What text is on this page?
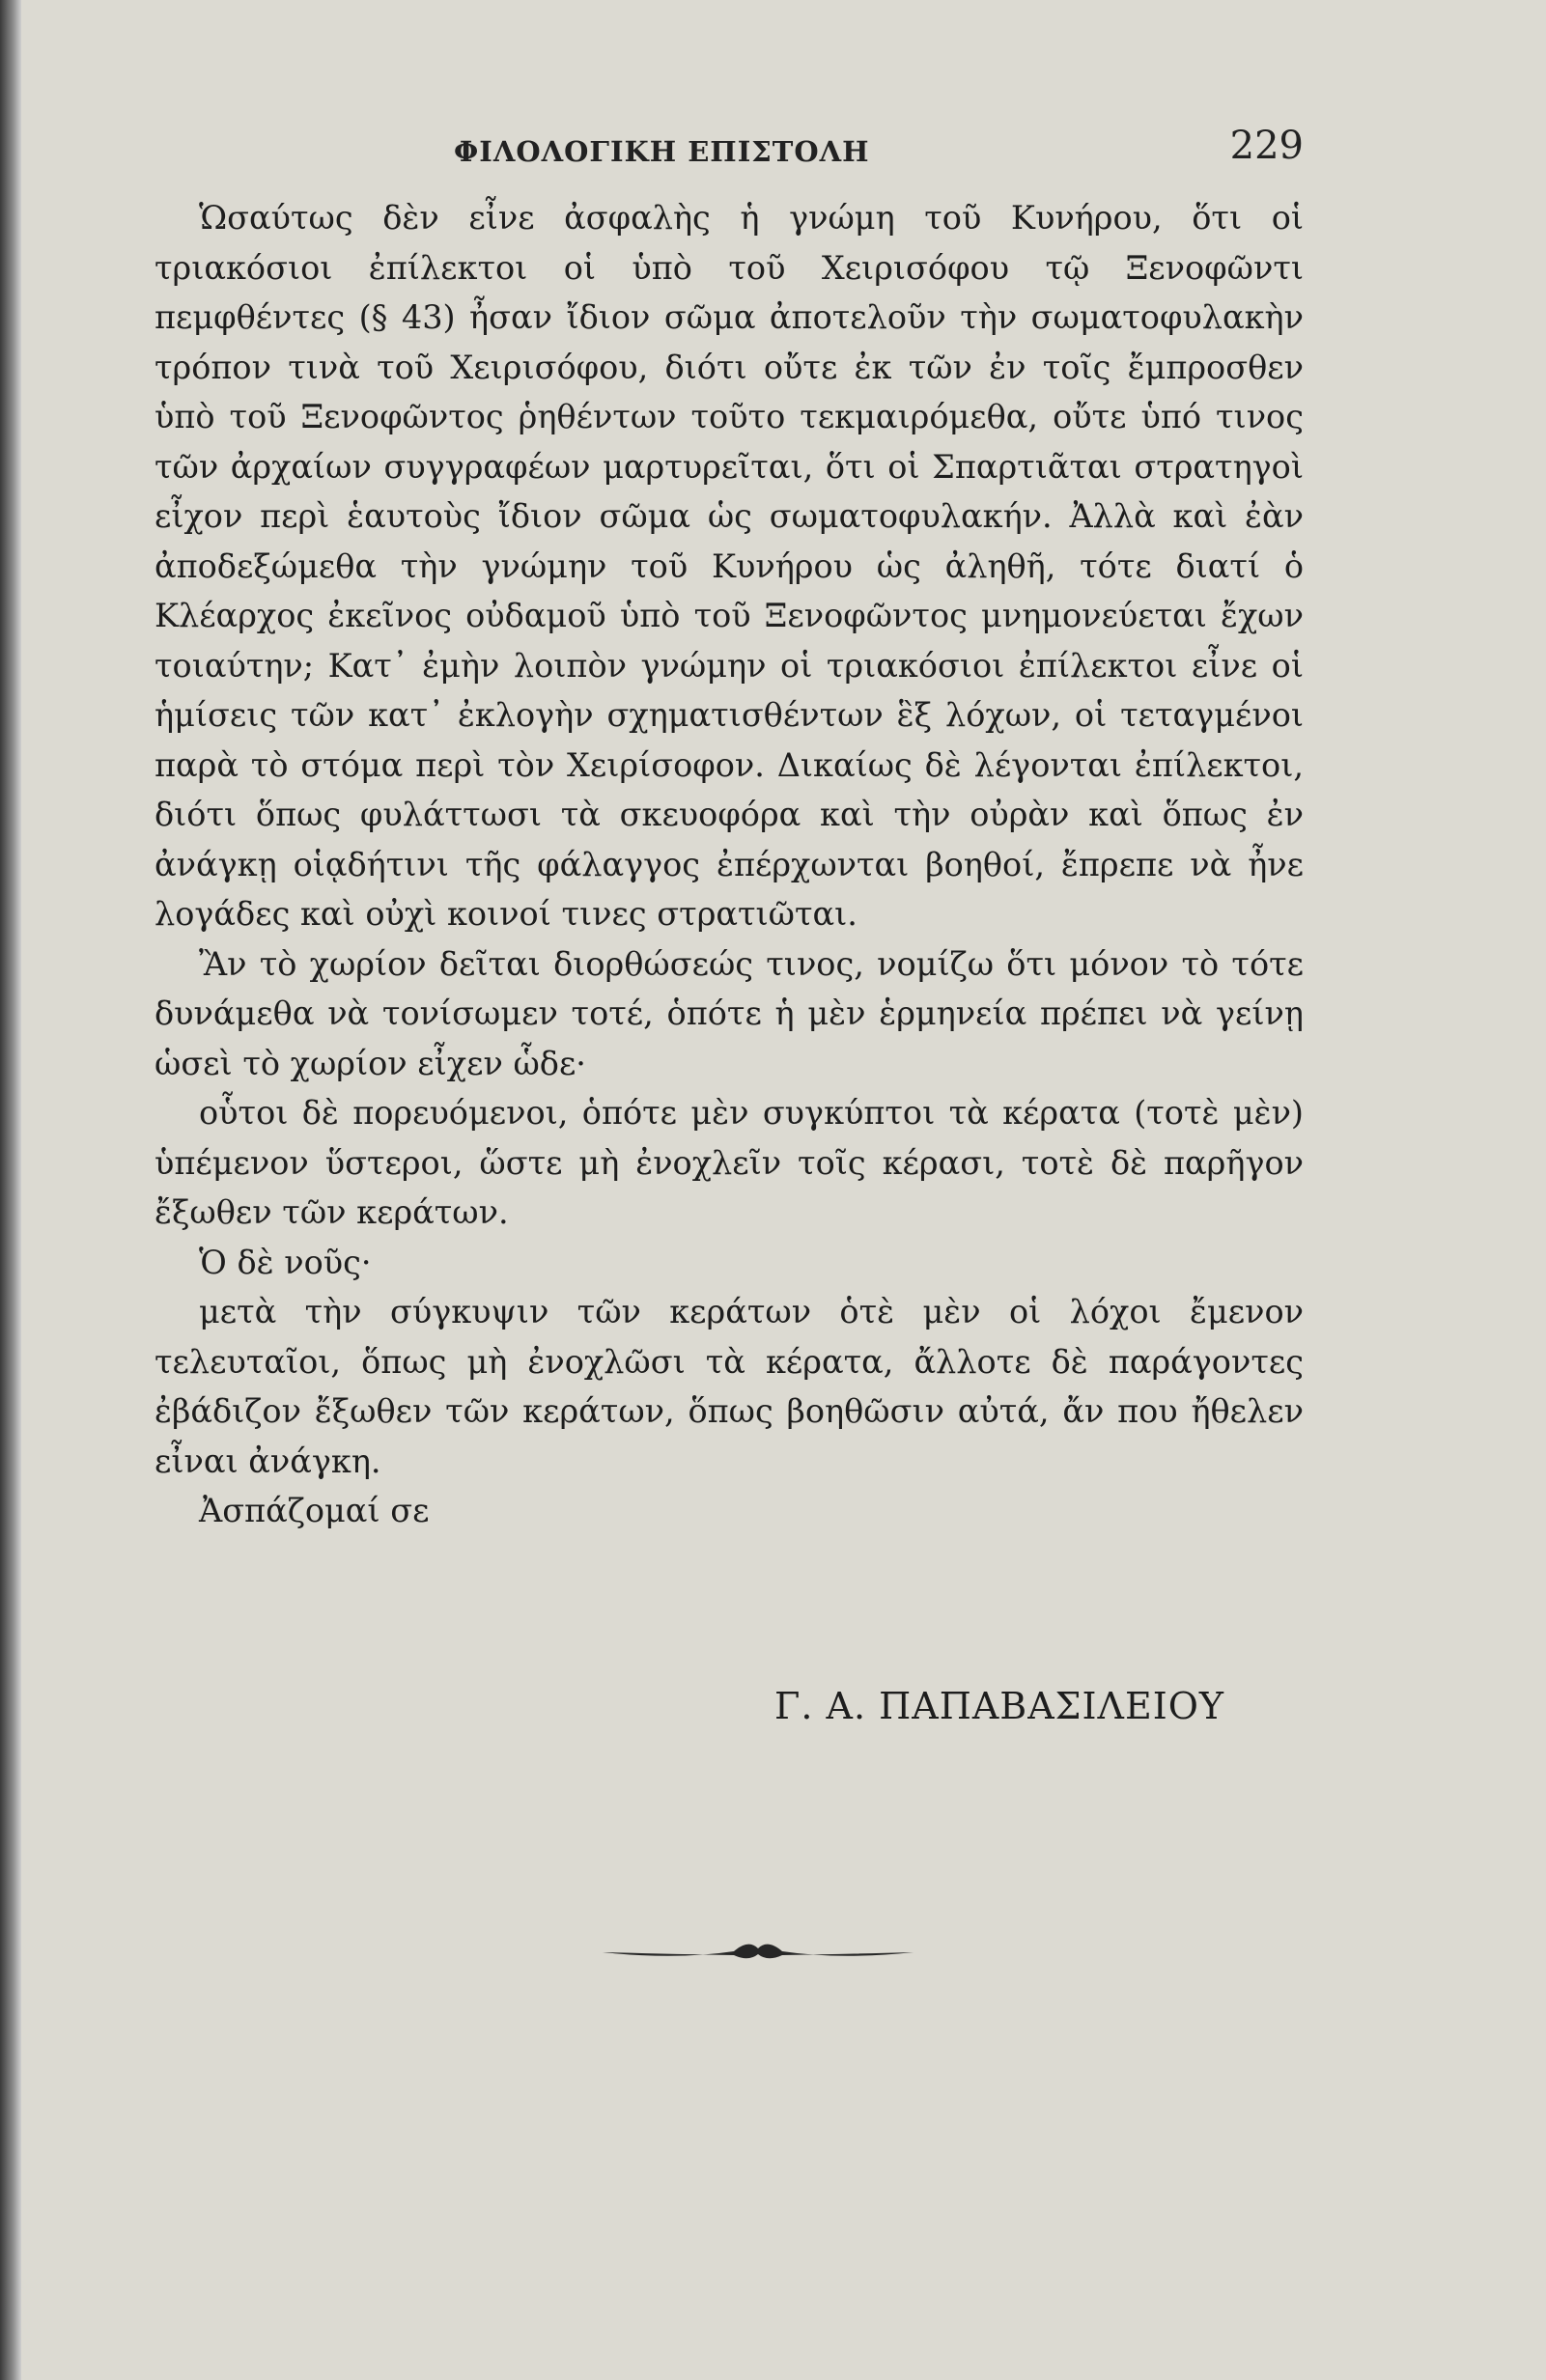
ΦΙΛΟΛΟΓΙΚΗ ΕΠΙΣΤΟΛΗ	229

Ὡσαύτως δὲν εἶνε ἀσφαλὴς ἡ γνώμη τοῦ Κυνήρου, ὅτι οἱ τριακόσιοι ἐπίλεκτοι οἱ ὑπὸ τοῦ Χειρισόφου τῷ Ξενοφῶντι πεμφθέντες (§ 43) ἦσαν ἴδιον σῶμα ἀποτελοῦν τὴν σωματοφυλακὴν τρόπον τινὰ τοῦ Χειρισόφου, διότι οὔτε ἐκ τῶν ἐν τοῖς ἔμπροσθεν ὑπὸ τοῦ Ξενοφῶντος ῥηθέντων τοῦτο τεκμαιρόμεθα, οὔτε ὑπό τινος τῶν ἀρχαίων συγγραφέων μαρτυρεῖται, ὅτι οἱ Σπαρτιᾶται στρατηγοὶ εἶχον περὶ ἑαυτοὺς ἴδιον σῶμα ὡς σωματοφυλακήν. Ἀλλὰ καὶ ἐὰν ἀποδεξώμεθα τὴν γνώμην τοῦ Κυνήρου ὡς ἀληθῆ, τότε διατί ὁ Κλέαρχος ἐκεῖνος οὐδαμοῦ ὑπὸ τοῦ Ξενοφῶντος μνημονεύεται ἔχων τοιαύτην; Κατ᾽ ἐμὴν λοιπὸν γνώμην οἱ τριακόσιοι ἐπίλεκτοι εἶνε οἱ ἡμίσεις τῶν κατ᾽ ἐκλογὴν σχηματισθέντων ἓξ λόχων, οἱ τεταγμένοι παρὰ τὸ στόμα περὶ τὸν Χειρίσοφον. Δικαίως δὲ λέγονται ἐπίλεκτοι, διότι ὅπως φυλάττωσι τὰ σκευοφόρα καὶ τὴν οὐρὰν καὶ ὅπως ἐν ἀνάγκῃ οἱᾳδήτινι τῆς φάλαγγος ἐπέρχωνται βοηθοί, ἔπρεπε νὰ ἦνε λογάδες καὶ οὐχὶ κοινοί τινες στρατιῶται.

Ἂν τὸ χωρίον δεῖται διορθώσεώς τινος, νομίζω ὅτι μόνον τὸ τότε δυνάμεθα νὰ τονίσωμεν τοτέ, ὁπότε ἡ μὲν ἑρμηνεία πρέπει νὰ γείνῃ ὡσεὶ τὸ χωρίον εἶχεν ὧδε·

οὗτοι δὲ πορευόμενοι, ὁπότε μὲν συγκύπτοι τὰ κέρατα (τοτὲ μὲν) ὑπέμενον ὕστεροι, ὥστε μὴ ἐνοχλεῖν τοῖς κέρασι, τοτὲ δὲ παρῆγον ἔξωθεν τῶν κεράτων.

Ὁ δὲ νοῦς·

μετὰ τὴν σύγκυψιν τῶν κεράτων ὁτὲ μὲν οἱ λόχοι ἔμενον τελευταῖοι, ὅπως μὴ ἐνοχλῶσι τὰ κέρατα, ἄλλοτε δὲ παράγοντες ἐβάδιζον ἔξωθεν τῶν κεράτων, ὅπως βοηθῶσιν αὐτά, ἄν που ἤθελεν εἶναι ἀνάγκη.

Ἀσπάζομαί σε

Γ. Α. ΠΑΠΑΒΑΣΙΛΕΙΟΥ
